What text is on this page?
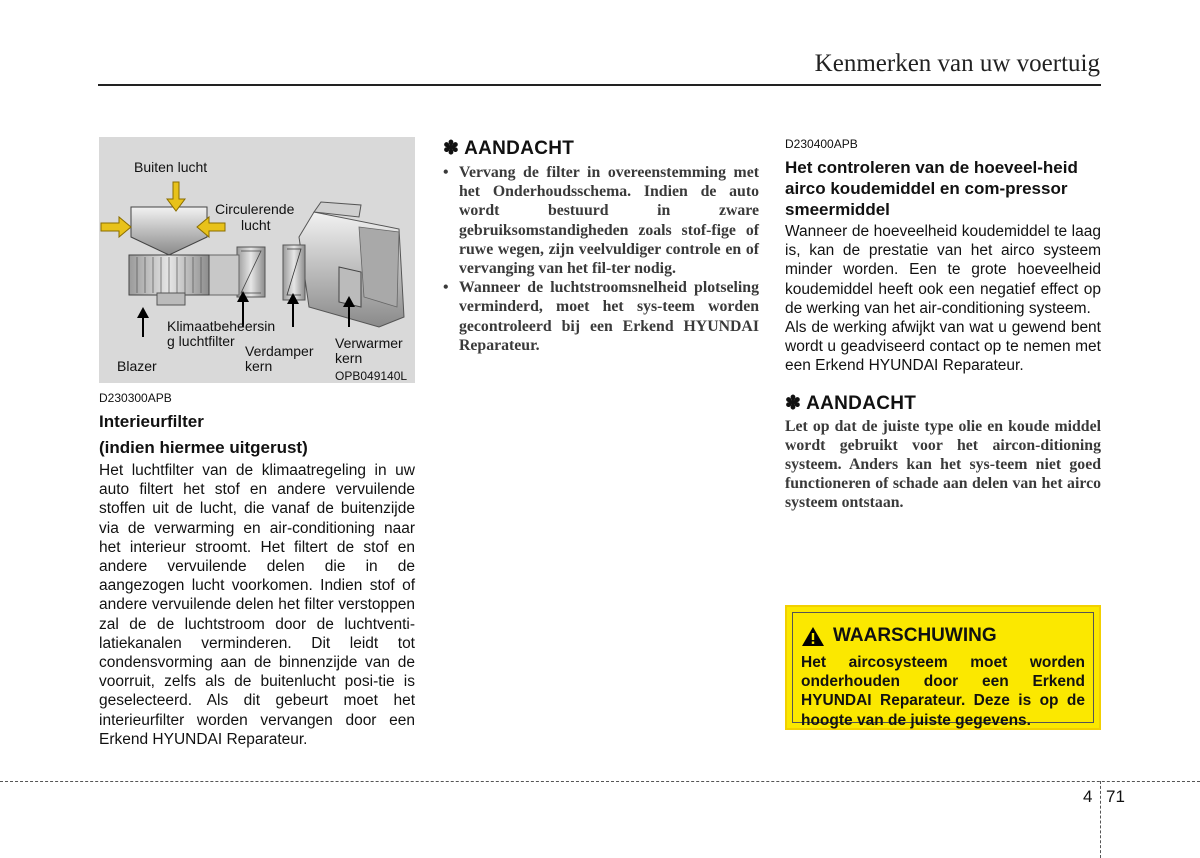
Kenmerken van uw voertuig
Buiten lucht
Circulerende
lucht
Klimaatbeheersin
g luchtfilter
Blazer
Verdamper
kern
Verwarmer
kern
OPB049140L

D230300APB

Interieurfilter

(indien hiermee uitgerust)

Het luchtfilter van de klimaatregeling in uw auto filtert het stof en andere vervuilende stoffen uit de lucht, die vanaf de buitenzijde via de verwarming en air-conditioning naar het interieur stroomt. Het filtert de stof en andere vervuilende delen die in de aangezogen lucht voorkomen. Indien stof of andere vervuilende delen het filter verstoppen zal de de luchtstroom door de luchtventi-latiekanalen verminderen. Dit leidt tot condensvorming aan de binnenzijde van de voorruit, zelfs als de buitenlucht posi-tie is geselecteerd. Als dit gebeurt moet het interieurfilter worden vervangen door een Erkend HYUNDAI Reparateur.

✽ AANDACHT

• Vervang de filter in overeenstemming met het Onderhoudsschema. Indien de auto wordt bestuurd in zware gebruiksomstandigheden zoals stof-fige of ruwe wegen, zijn veelvuldiger controle en of vervanging van het fil-ter nodig.
• Wanneer de luchtstroomsnelheid plotseling verminderd, moet het sys-teem worden gecontroleerd bij een Erkend HYUNDAI Reparateur.

D230400APB

Het controleren van de hoeveel-heid airco koudemiddel en com-pressor smeermiddel

Wanneer de hoeveelheid koudemiddel te laag is, kan de prestatie van het airco systeem minder worden. Een te grote hoeveelheid koudemiddel heeft ook een negatief effect op de werking van het air-conditioning systeem.

Als de werking afwijkt van wat u gewend bent wordt u geadviseerd contact op te nemen met een Erkend HYUNDAI Reparateur.

✽ AANDACHT

Let op dat de juiste type olie en koude middel wordt gebruikt voor het aircon-ditioning systeem. Anders kan het sys-teem niet goed functioneren of schade aan delen van het airco systeem ontstaan.

WAARSCHUWING
Het aircosysteem moet worden onderhouden door een Erkend HYUNDAI Reparateur. Deze is op de hoogte van de juiste gegevens.
4 71
